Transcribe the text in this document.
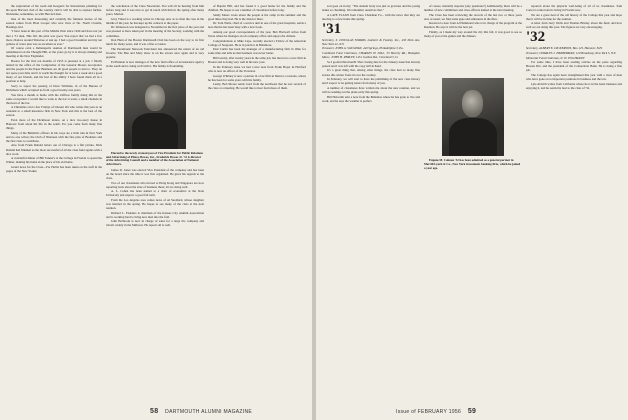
the exploration of his room and Keegan's for illustrations planning for his upon Harvard club of the country club it will be able to explore further. Nickname, sometimes, as with Harvard men.

One of the most interesting and certainly the funniest stories of the season comes from Brad Cooper who now lives at No. North Clarella, Hastings, Ind.

"I have been in this part of the Middle West since 1940 and have not yet met a '31 man. This fall, the pilot was good. You report that we had a few more chances around Shawnee at sun up. I had a good breakfast and my ten gallons of water plus was as excellent as ever."

Of course even a Indianapolis reunion of Dartmouth men would be remembered on the Thought Hill, as the years go by it is always making and meeting at the New Englander.

Boston for the first ten months of 1955 is pursued at a job. I finally landed in the office of the Comptroller of the General Motors Acceptance and the people in the Paper Business are all good people to turn to. They do not spare your time and it is worth the thought for at least a week and a good many of our friends, and his feel of his ability I have found them all in a position to help.

Sorry to report the passing of Dave Williams, in of the Bureau of Dickinson which occupied us from a good twenty-one years.

You have a month at home with the Zaffiros family doing this in the same occupation. I would like to write to the bar at work, a small clientele in the heart of the bar.

A Christmas card a few Fridays of Chester Ott who writes this year as an assistant to a small insurance firm in New York and this is the best of the season.

Even more of the Dickinson letters, on a nice two-story house in Hanover from about his life in the south. For you come from many fine things.

Many of the Bulletin's officers in his ways are a little rain in New York and no one writes; the Club of Nineteen with the fine plan of Boulders and the first class to contribute.

Also from Frank Ruland letters out of Chicago is a full picture. Dick Ruland had finished as the most successful of all the class fund agents with a nice word.

A wonderful dinner of Bill Tanner's at the College in Florida to spend the Winter, making his home in the place of his old home.

Grand news for the Class—Far Hollis has been taken on the staff in the pages of the New Yorker.

the conclusion of the Class Newsletter. You will all be hearing from him before long and it was nice to get in touch with him in the spring after many years, Marion.

Jerry Tinsel is a working writer in Chicago and, as is often the case in the middle of the year, he has kept up his contacts at the paper.

Dr. Dickerson was delegated to November in the first place of the year and was pleased to have taken part in the meeting of the Society, working with the committee.

Don Hunt of the Boston Dartmouth Club has been on the way to its first lunch for many years, and it was a fine occasion.

The Paramount Network Television has announced the return of an old favorite. The Ben and Mary show is on the screen once again and is very popular.

Ed Hannon is now manager of the new field office of an insurance agency in the south and is doing well with it. His family is flourishing.

Elected to the newly created post of Vice President for Public Relations and Advertising of Pitney-Bowes, Inc., Frederick Bowes Jr. '31 is director of the Advertising Council and a member of the Association of National Advertisers.

James D. Jones was elected Vice President of the company and has been on the board since the time it was first organized. He gives his regards to the class.

Two of our classmates who moved to Hong Kong and Singapore are now reporting back about the state of business there; all are doing well.

A. L. Cohen has been named to a chair of economics at the State University and expects a good fall term.

From the Los Angeles area comes news of Al Stoddard, whose daughter was married in the spring. He hopes to see many of the class at the next reunion.

Richard L. Flanders is chairman of the Kansas City Alumni Association and is working hard to bring new men into the fold.

John Holbrook is now in charge of sales for a large tile company and travels widely in the Midwest. He reports all is well.

of Baptist Hill, and has found it a good home for the family and the children. He hopes to see a number of classmates before long.

Sandy Mears wrote about the people at his camp in the summer and the good times they had. He is the director there.

Dr. Tom Wells, chief of a service unit in one of the great hospitals, sends a note that he has been busy with a new book.

Among our good correspondents of the year, Bob Hartwell writes from Texas where he manages an oil company office and enjoys the climate.

Congratulations to Mike Cape, recently elected a Fellow of the American College of Surgeons. He is in practice in Baltimore.

Paul Curtin has been the manager of a manufacturing firm in Ohio for some time and tells us that business was never better.

Bill Garrity, after twenty years in the same job, has moved to a new firm in Boston and is doing very well in his new post.

In the February issue we had a nice note from Frank Boyer in Hartford who is now an officer of the Travelers.

George Whitney is now a partner in a law firm in Denver, Colorado, where he has been for some years with his family.

Lastly, Bob Moore sends word from the northwest that he saw several of the class at a meeting. He would like to hear from more of them.

58 DARTMOUTH ALUMNI MAGAZINE

sort goes on in my: "The student body was just as gracious and the young ladies so charming. We remember ourselves that."

A LATE FLASH from Class Chairman Fo... with the news that they are moving to a new home this spring.

'31

Secretary, S. DOUGLAS NORRIS, Lambert & Feasley, Inc., 430 Park Ave, New York 22, N.Y.

Treasurer, JOHN A. VAUGHAN, 440 Springs, Philadelphia 3, Pa.

Combined Fund Chairman, CHARLES H. DILL, 33 Beverly Rd., Hampden Mass.; JOHN H. PERLEY, 1451 Gordon Rd., Cleveland 3, O.

So I goofed this month! That closing date for the January issue had already passed and I was left with the copy still in hand.

It's a great thing that, among other things, the class had so many fine stories this winter from all over the country.

In February, we will start to have the publishing of the new class history and I expect to be getting letters from many of you.

A number of classmates have written me about the new reunion, and we will be sending out the plans early this spring.

Bill Holcomb sent a note from the Bahamas where he has gone to live and work, and he says the weather is perfect.

of course, mentally superior (any questions?) Additionally, there will be a number of new committees and class officers named at the next meeting.

The Class has been reviewing the records of the last two or three years and, as usual, we find some gaps and omissions in the files.

Received a note from Al Hammond who is in charge of the program at the Reunion. He says it will be the best yet.

Finally, as I made my way around the city this fall, it was good to see so many of you at the games and the dinners.

Eugene M. Colman '32 has been admitted as a general partner in Merrill Lynch & Co., New York investment banking firm, which he joined a year ago.

reported about the physical well-being of all of us classmates. Sam Carter is retired and is living in Florida now.

We are a great deal of the old history of the College this year and hope that it will be in time for the reunion.

A letter from Jerry Wells and Thomas Brinley about the fund, and how well we are doing this year. The figures are very encouraging.

'32

Secretary, ALBERT E. DICKERSON, Box 125, Hanover, N.H.

Treasurer, CHARLES J. ZIMMERMAN, 120 Broadway, New York 5, N.Y.

Memorial Fund Chairman, N. W. VOGTMANN

For some time, I have been reading articles on the press regarding Brooks Dix, and the president of the Connecticut Bank. He is doing a fine job.

The College has again been strengthened this year with a class of men who have gone on to important positions in business and the law.

Lyle Aldrich writes from California where he is in the hotel business and enjoying it, and he sends his best to the class of '32.

Issue of FEBRUARY 1956 59
